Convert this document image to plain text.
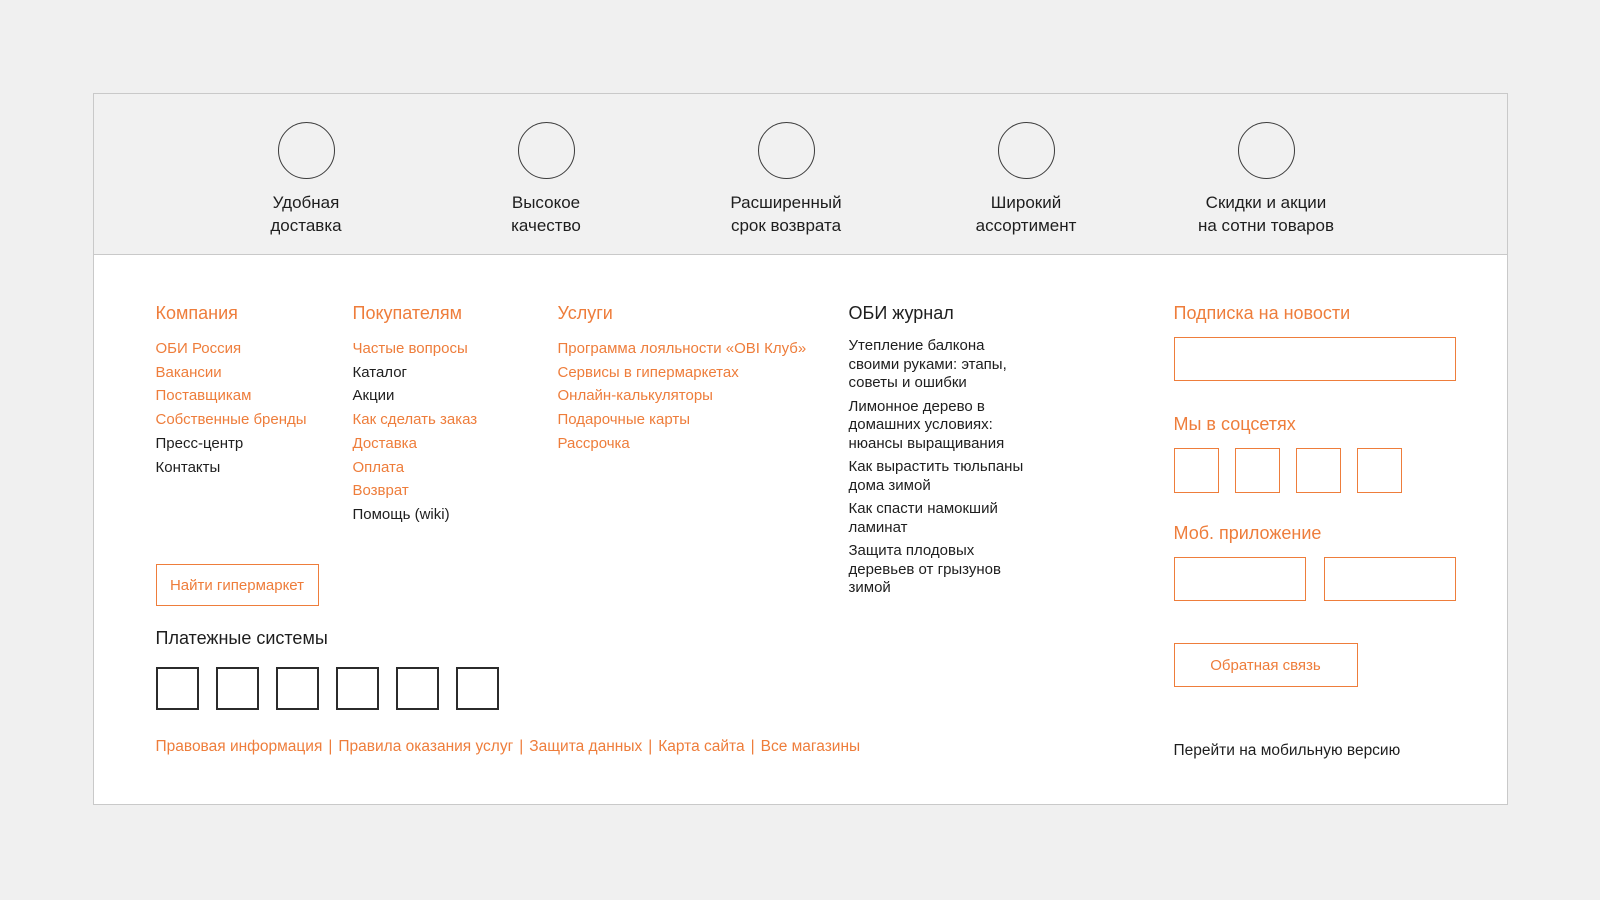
Удобная
доставка
Высокое
качество
Расширенный
срок возврата
Широкий
ассортимент
Скидки и акции
на сотни товаров
Компания
ОБИ Россия
Вакансии
Поставщикам
Собственные бренды
Пресс-центр
Контакты
Покупателям
Частые вопросы
Каталог
Акции
Как сделать заказ
Доставка
Оплата
Возврат
Помощь (wiki)
Услуги
Программа лояльности «OBI Клуб»
Сервисы в гипермаркетах
Онлайн-калькуляторы
Подарочные карты
Рассрочка
ОБИ журнал
Утепление балкона своими руками: этапы, советы и ошибки
Лимонное дерево в домашних условиях: нюансы выращивания
Как вырастить тюльпаны дома зимой
Как спасти намокший ламинат
Защита плодовых деревьев от грызунов зимой
Подписка на новости
Мы в соцсетях
Моб. приложение
Обратная связь
Перейти на мобильную версию
Найти гипермаркет
Платежные системы
Правовая информация | Правила оказания услуг | Защита данных | Карта сайта | Все магазины
